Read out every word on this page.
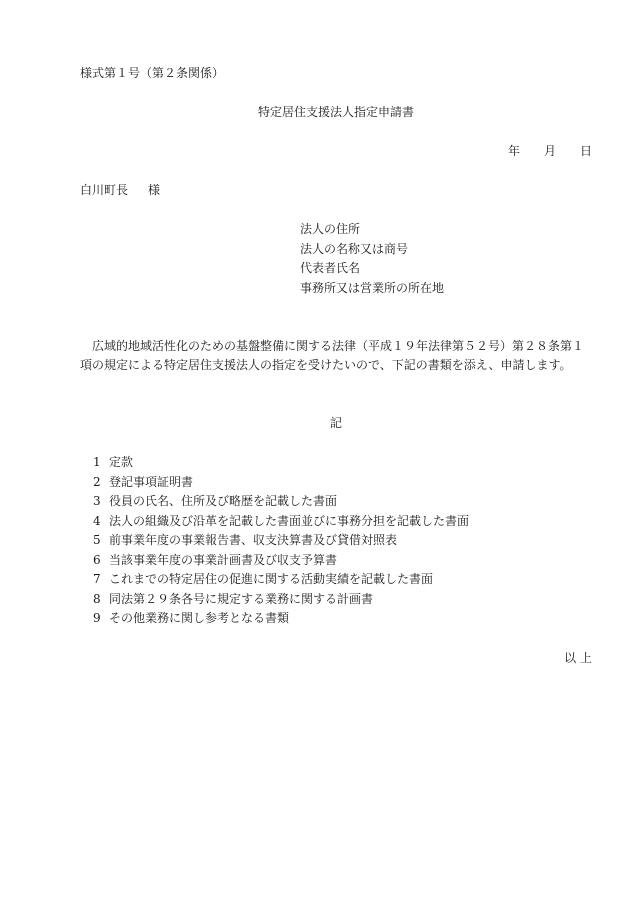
様式第１号（第２条関係）
特定居住支援法人指定申請書
年 月 日
白川町長 様
法人の住所
法人の名称又は商号
代表者氏名
事務所又は営業所の所在地
広域的地域活性化のための基盤整備に関する法律（平成１９年法律第５２号）第２８条第１項の規定による特定居住支援法人の指定を受けたいので、下記の書類を添え、申請します。
記
1 定款
2 登記事項証明書
3 役員の氏名、住所及び略歴を記載した書面
4 法人の組織及び沿革を記載した書面並びに事務分担を記載した書面
5 前事業年度の事業報告書、収支決算書及び貸借対照表
6 当該事業年度の事業計画書及び収支予算書
7 これまでの特定居住の促進に関する活動実績を記載した書面
8 同法第２９条各号に規定する業務に関する計画書
9 その他業務に関し参考となる書類
以 上
